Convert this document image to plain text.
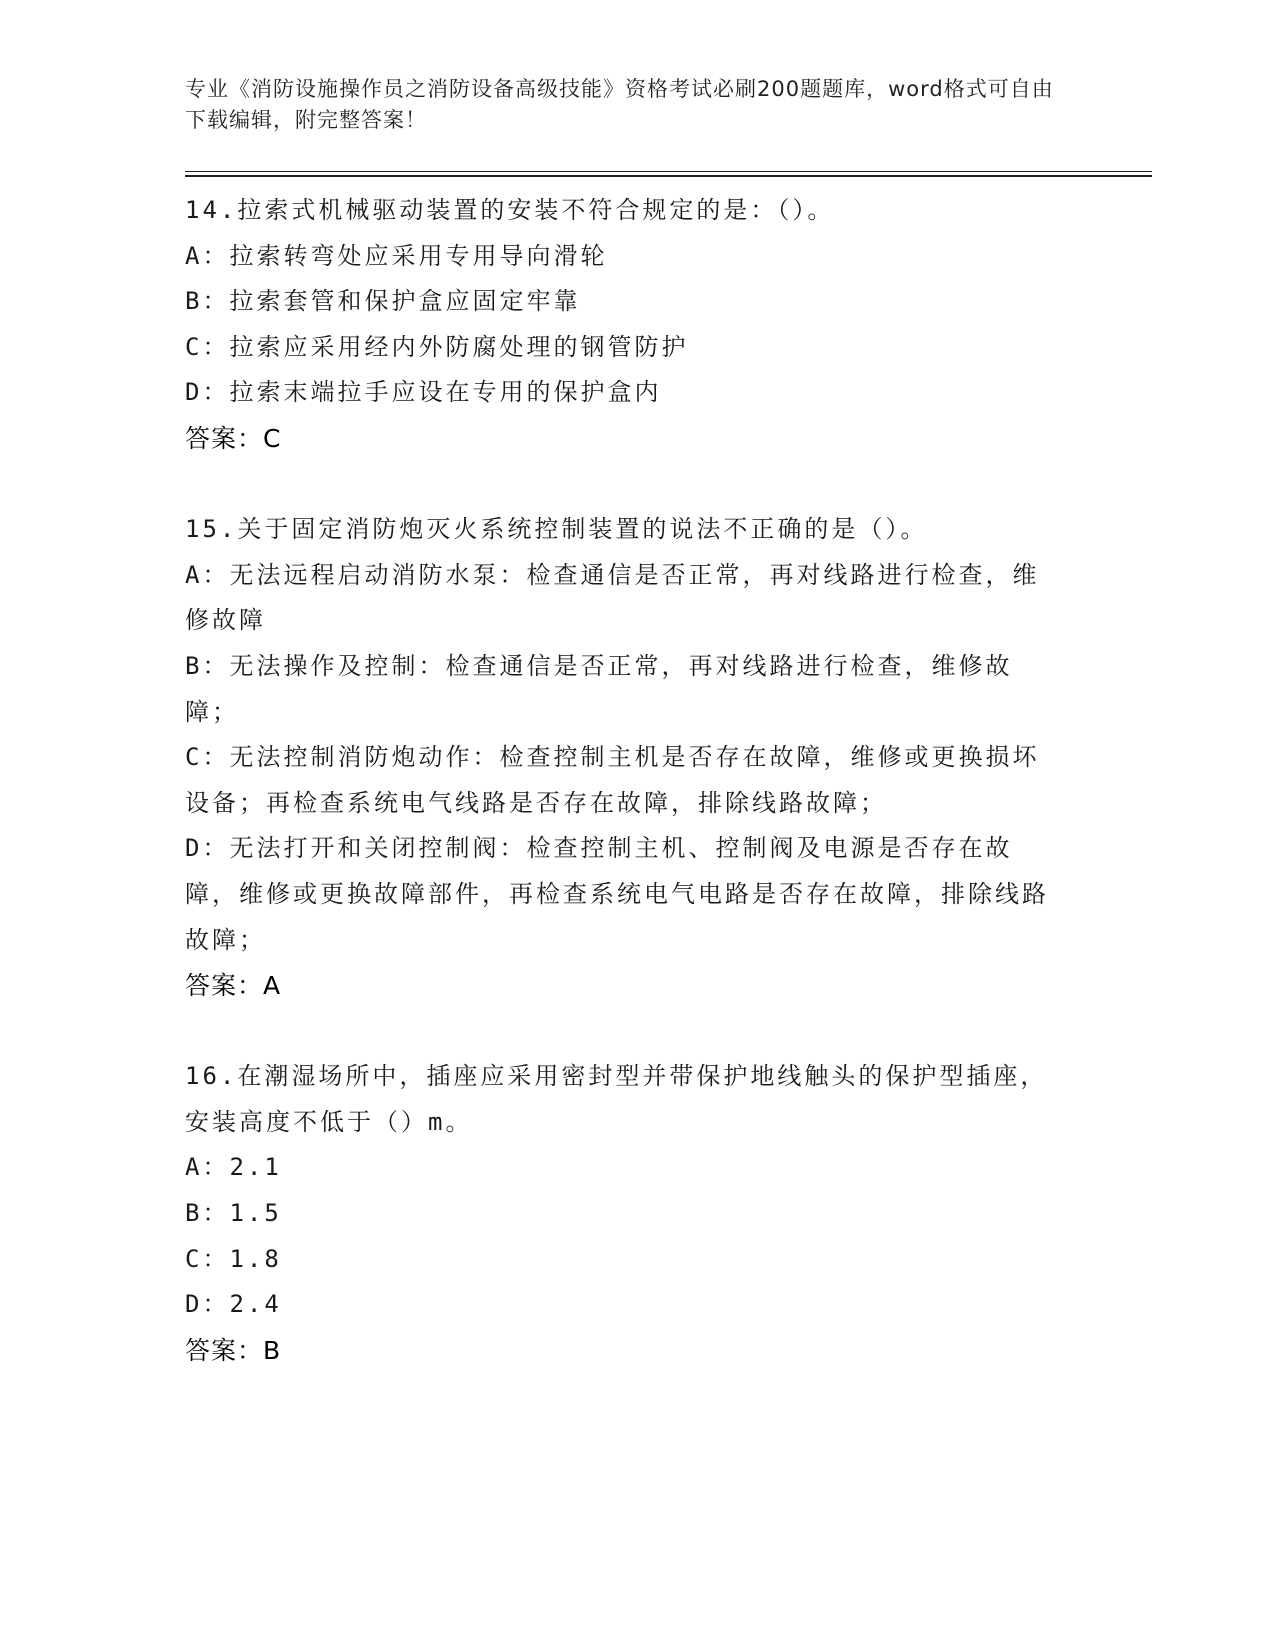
专业《消防设施操作员之消防设备高级技能》资格考试必刷200题题库，word格式可自由下载编辑，附完整答案！

14.拉索式机械驱动装置的安装不符合规定的是：（）。

A：拉索转弯处应采用专用导向滑轮

B：拉索套管和保护盒应固定牢靠

C：拉索应采用经内外防腐处理的钢管防护

D：拉索末端拉手应设在专用的保护盒内

答案：C

15.关于固定消防炮灭火系统控制装置的说法不正确的是（）。

A：无法远程启动消防水泵：检查通信是否正常，再对线路进行检查，维修故障

B：无法操作及控制：检查通信是否正常，再对线路进行检查，维修故障；

C：无法控制消防炮动作：检查控制主机是否存在故障，维修或更换损坏设备；再检查系统电气线路是否存在故障，排除线路故障；

D：无法打开和关闭控制阀：检查控制主机、控制阀及电源是否存在故障，维修或更换故障部件，再检查系统电气电路是否存在故障，排除线路故障；

答案：A

16.在潮湿场所中，插座应采用密封型并带保护地线触头的保护型插座，安装高度不低于（）m。

A：2.1

B：1.5

C：1.8

D：2.4

答案：B
